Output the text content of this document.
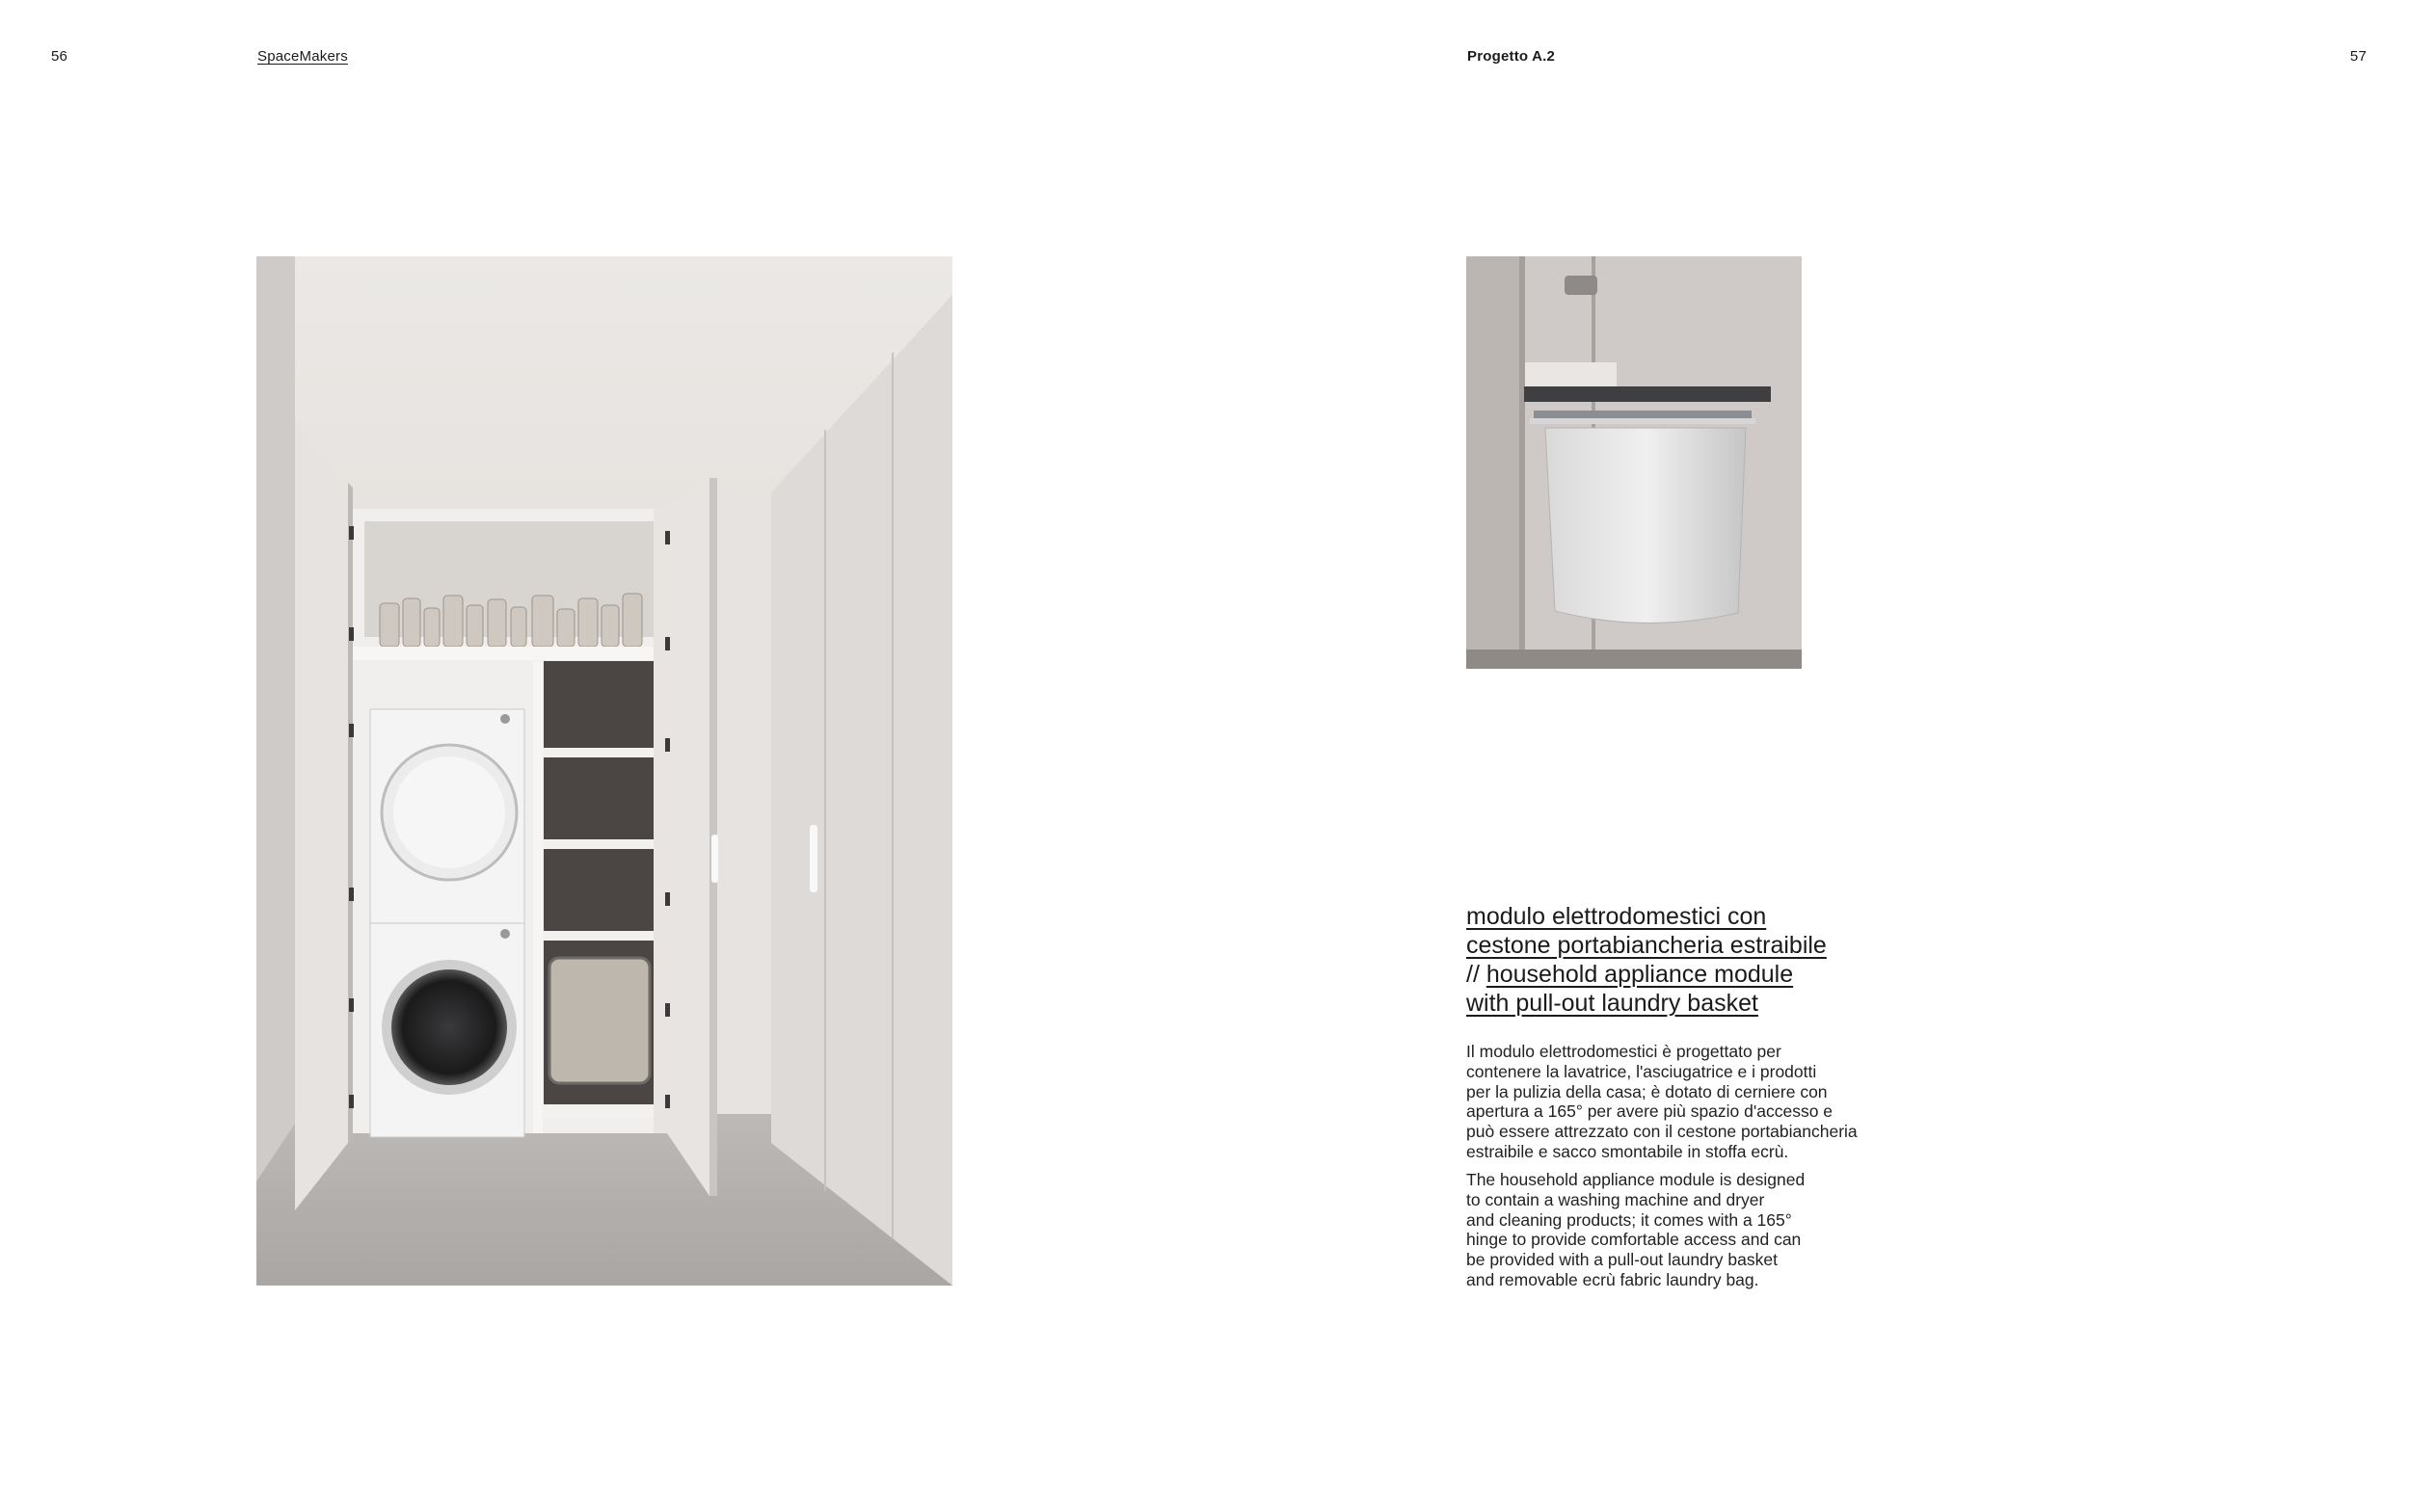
56	SpaceMakers	Progetto A.2	57
modulo elettrodomestici con
cestone portabiancheria estraibile
// household appliance module
with pull-out laundry basket
Il modulo elettrodomestici è progettato per
contenere la lavatrice, l'asciugatrice e i prodotti
per la pulizia della casa; è dotato di cerniere con
apertura a 165° per avere più spazio d'accesso e
può essere attrezzato con il cestone portabiancheria
estraibile e sacco smontabile in stoffa ecrù.
The household appliance module is designed
to contain a washing machine and dryer
and cleaning products; it comes with a 165°
hinge to provide comfortable access and can
be provided with a pull-out laundry basket
and removable ecrù fabric laundry bag.
